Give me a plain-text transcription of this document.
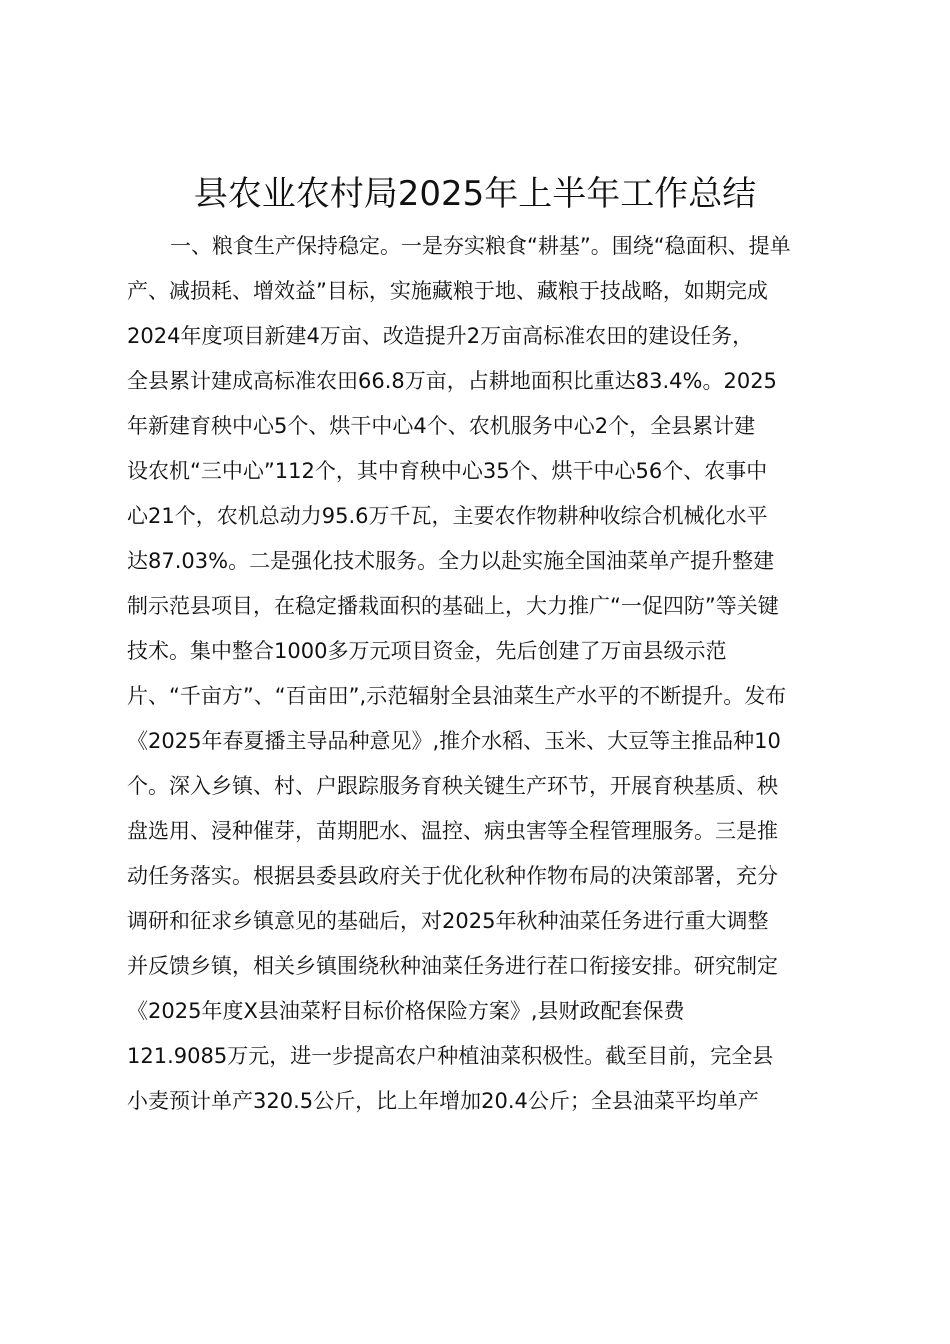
县农业农村局2025年上半年工作总结
一、粮食生产保持稳定。一是夯实粮食“耕基”。围绕“稳面积、提单
产、减损耗、增效益”目标，实施藏粮于地、藏粮于技战略，如期完成
2024年度项目新建4万亩、改造提升2万亩高标准农田的建设任务，
全县累计建成高标准农田66.8万亩，占耕地面积比重达83.4%。2025
年新建育秧中心5个、烘干中心4个、农机服务中心2个，全县累计建
设农机“三中心”112个，其中育秧中心35个、烘干中心56个、农事中
心21个，农机总动力95.6万千瓦，主要农作物耕种收综合机械化水平
达87.03%。二是强化技术服务。全力以赴实施全国油菜单产提升整建
制示范县项目，在稳定播栽面积的基础上，大力推广“一促四防”等关键
技术。集中整合1000多万元项目资金，先后创建了万亩县级示范
片、“千亩方”、“百亩田”,示范辐射全县油菜生产水平的不断提升。发布
《2025年春夏播主导品种意见》,推介水稻、玉米、大豆等主推品种10
个。深入乡镇、村、户跟踪服务育秧关键生产环节，开展育秧基质、秧
盘选用、浸种催芽，苗期肥水、温控、病虫害等全程管理服务。三是推
动任务落实。根据县委县政府关于优化秋种作物布局的决策部署，充分
调研和征求乡镇意见的基础后，对2025年秋种油菜任务进行重大调整
并反馈乡镇，相关乡镇围绕秋种油菜任务进行茬口衔接安排。研究制定
《2025年度X县油菜籽目标价格保险方案》,县财政配套保费
121.9085万元，进一步提高农户种植油菜积极性。截至目前，完全县
小麦预计单产320.5公斤，比上年增加20.4公斤；全县油菜平均单产
